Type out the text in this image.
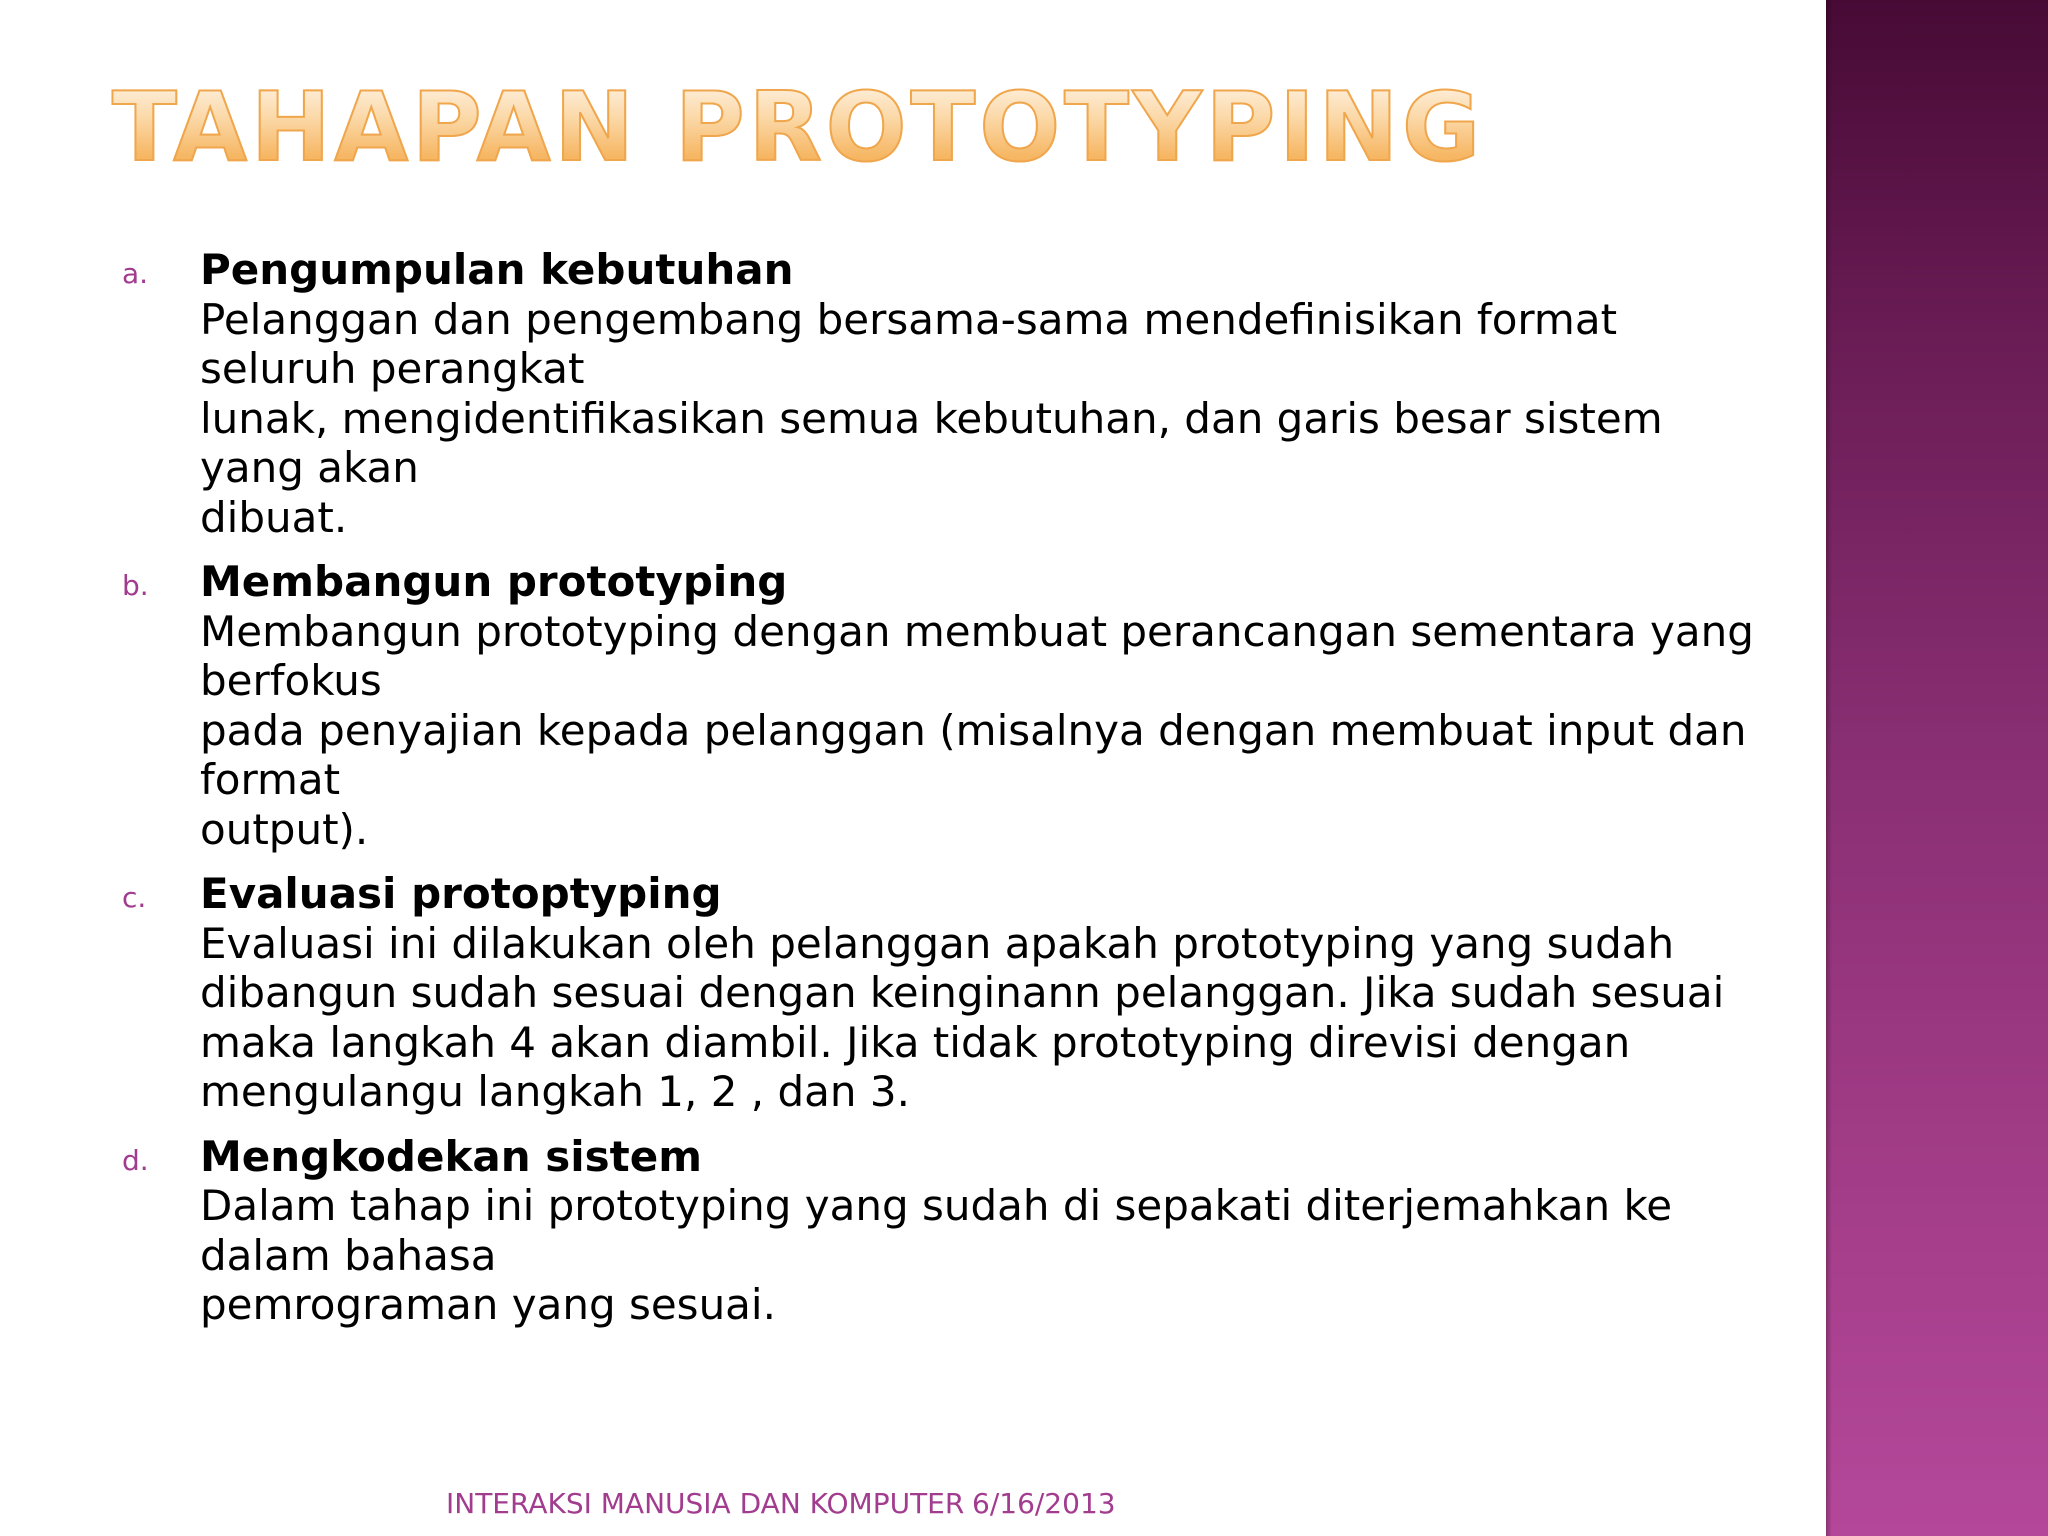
TAHAPAN PROTOTYPING
a. Pengumpulan kebutuhan
Pelanggan dan pengembang bersama-sama mendefinisikan format
seluruh perangkat
lunak, mengidentifikasikan semua kebutuhan, dan garis besar sistem
yang akan
dibuat.
b. Membangun prototyping
Membangun prototyping dengan membuat perancangan sementara yang
berfokus
pada penyajian kepada pelanggan (misalnya dengan membuat input dan
format
output).
c. Evaluasi protoptyping
Evaluasi ini dilakukan oleh pelanggan apakah prototyping yang sudah
dibangun sudah sesuai dengan keinginann pelanggan. Jika sudah sesuai
maka langkah 4 akan diambil. Jika tidak prototyping direvisi dengan
mengulangu langkah 1, 2 , dan 3.
d. Mengkodekan sistem
Dalam tahap ini prototyping yang sudah di sepakati diterjemahkan ke
dalam bahasa
pemrograman yang sesuai.
INTERAKSI MANUSIA DAN KOMPUTER 6/16/2013
